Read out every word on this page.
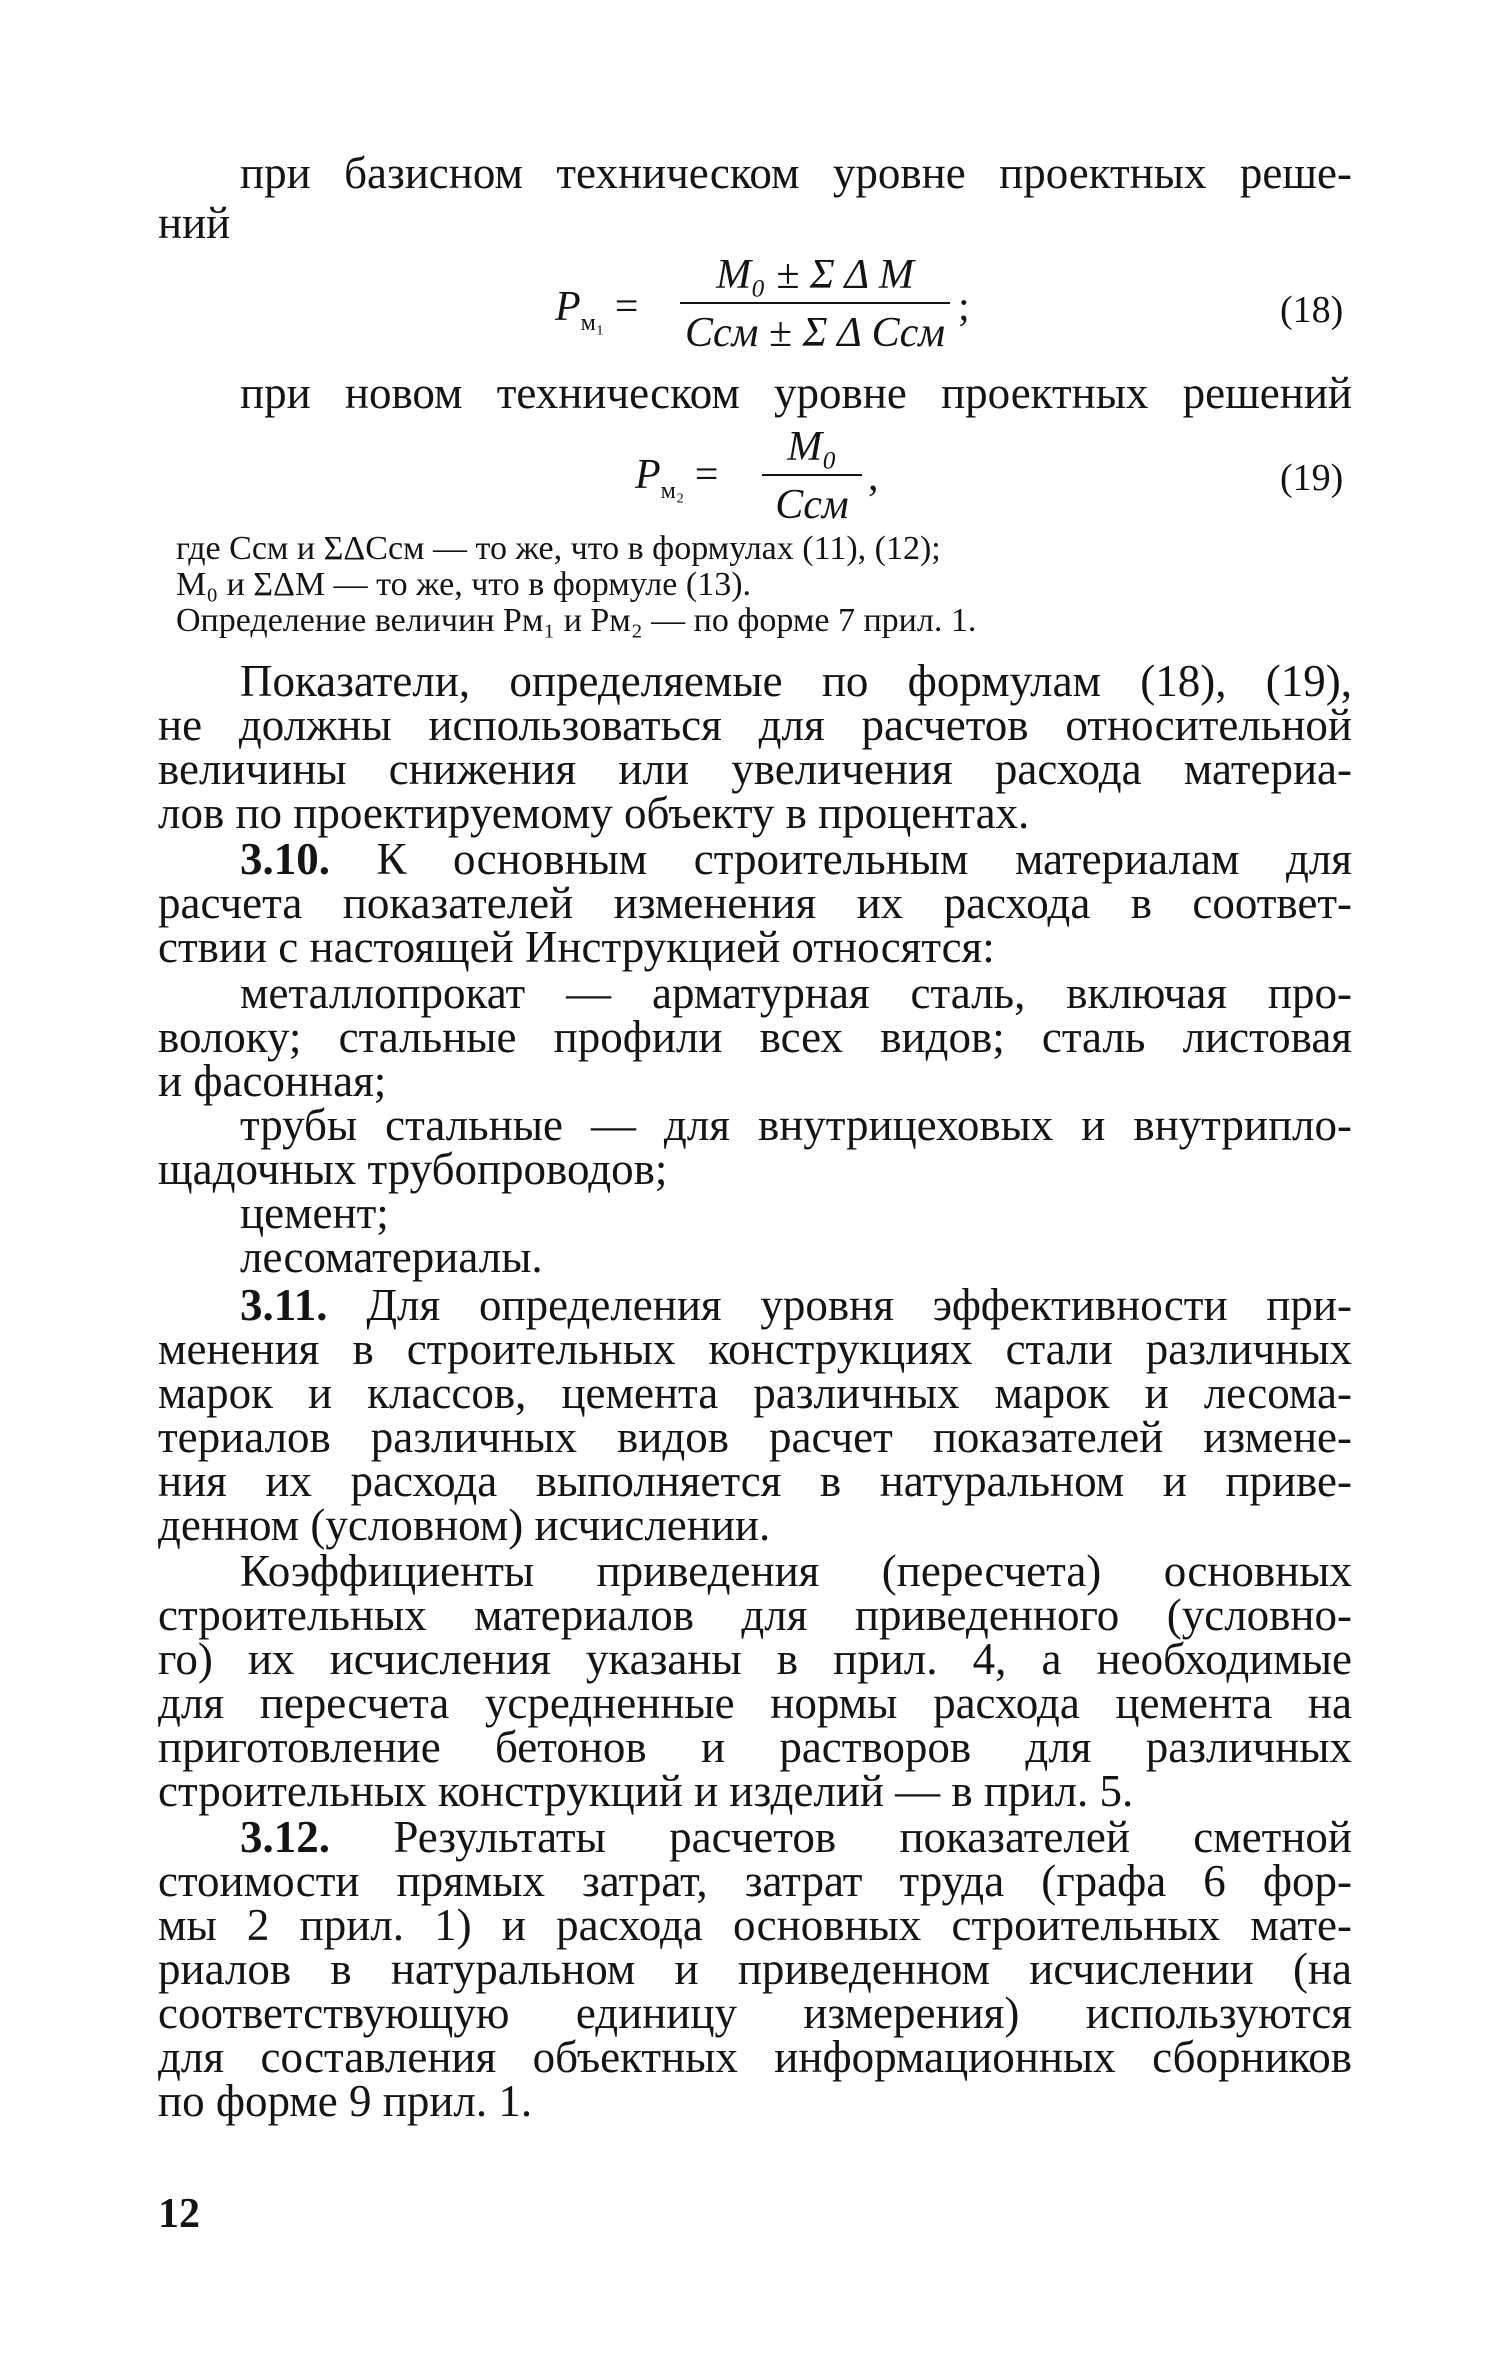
при базисном техническом уровне проектных реше-
ний
$P_{м_1}$ =
M₀ ± Σ Δ M
Cсм ± Σ Δ Cсм
;	(18)
при новом техническом уровне проектных решений
$P_{м_2}$ =
M₀
Cсм
,	(19)
где Cсм и ΣΔCсм — то же, что в формулах (11), (12);
M₀ и ΣΔM — то же, что в формуле (13).
Определение величин Pм₁ и Pм₂ — по форме 7 прил. 1.
Показатели, определяемые по формулам (18), (19),
не должны использоваться для расчетов относительной
величины снижения или увеличения расхода материа-
лов по проектируемому объекту в процентах.
3.10. К основным строительным материалам для
расчета показателей изменения их расхода в соответ-
ствии с настоящей Инструкцией относятся:
металлопрокат — арматурная сталь, включая про-
волоку; стальные профили всех видов; сталь листовая
и фасонная;
трубы стальные — для внутрицеховых и внутрипло-
щадочных трубопроводов;
цемент;
лесоматериалы.
3.11. Для определения уровня эффективности при-
менения в строительных конструкциях стали различных
марок и классов, цемента различных марок и лесома-
териалов различных видов расчет показателей измене-
ния их расхода выполняется в натуральном и приве-
денном (условном) исчислении.
Коэффициенты приведения (пересчета) основных
строительных материалов для приведенного (условно-
го) их исчисления указаны в прил. 4, а необходимые
для пересчета усредненные нормы расхода цемента на
приготовление бетонов и растворов для различных
строительных конструкций и изделий — в прил. 5.
3.12. Результаты расчетов показателей сметной
стоимости прямых затрат, затрат труда (графа 6 фор-
мы 2 прил. 1) и расхода основных строительных мате-
риалов в натуральном и приведенном исчислении (на
соответствующую единицу измерения) используются
для составления объектных информационных сборников
по форме 9 прил. 1.
12
